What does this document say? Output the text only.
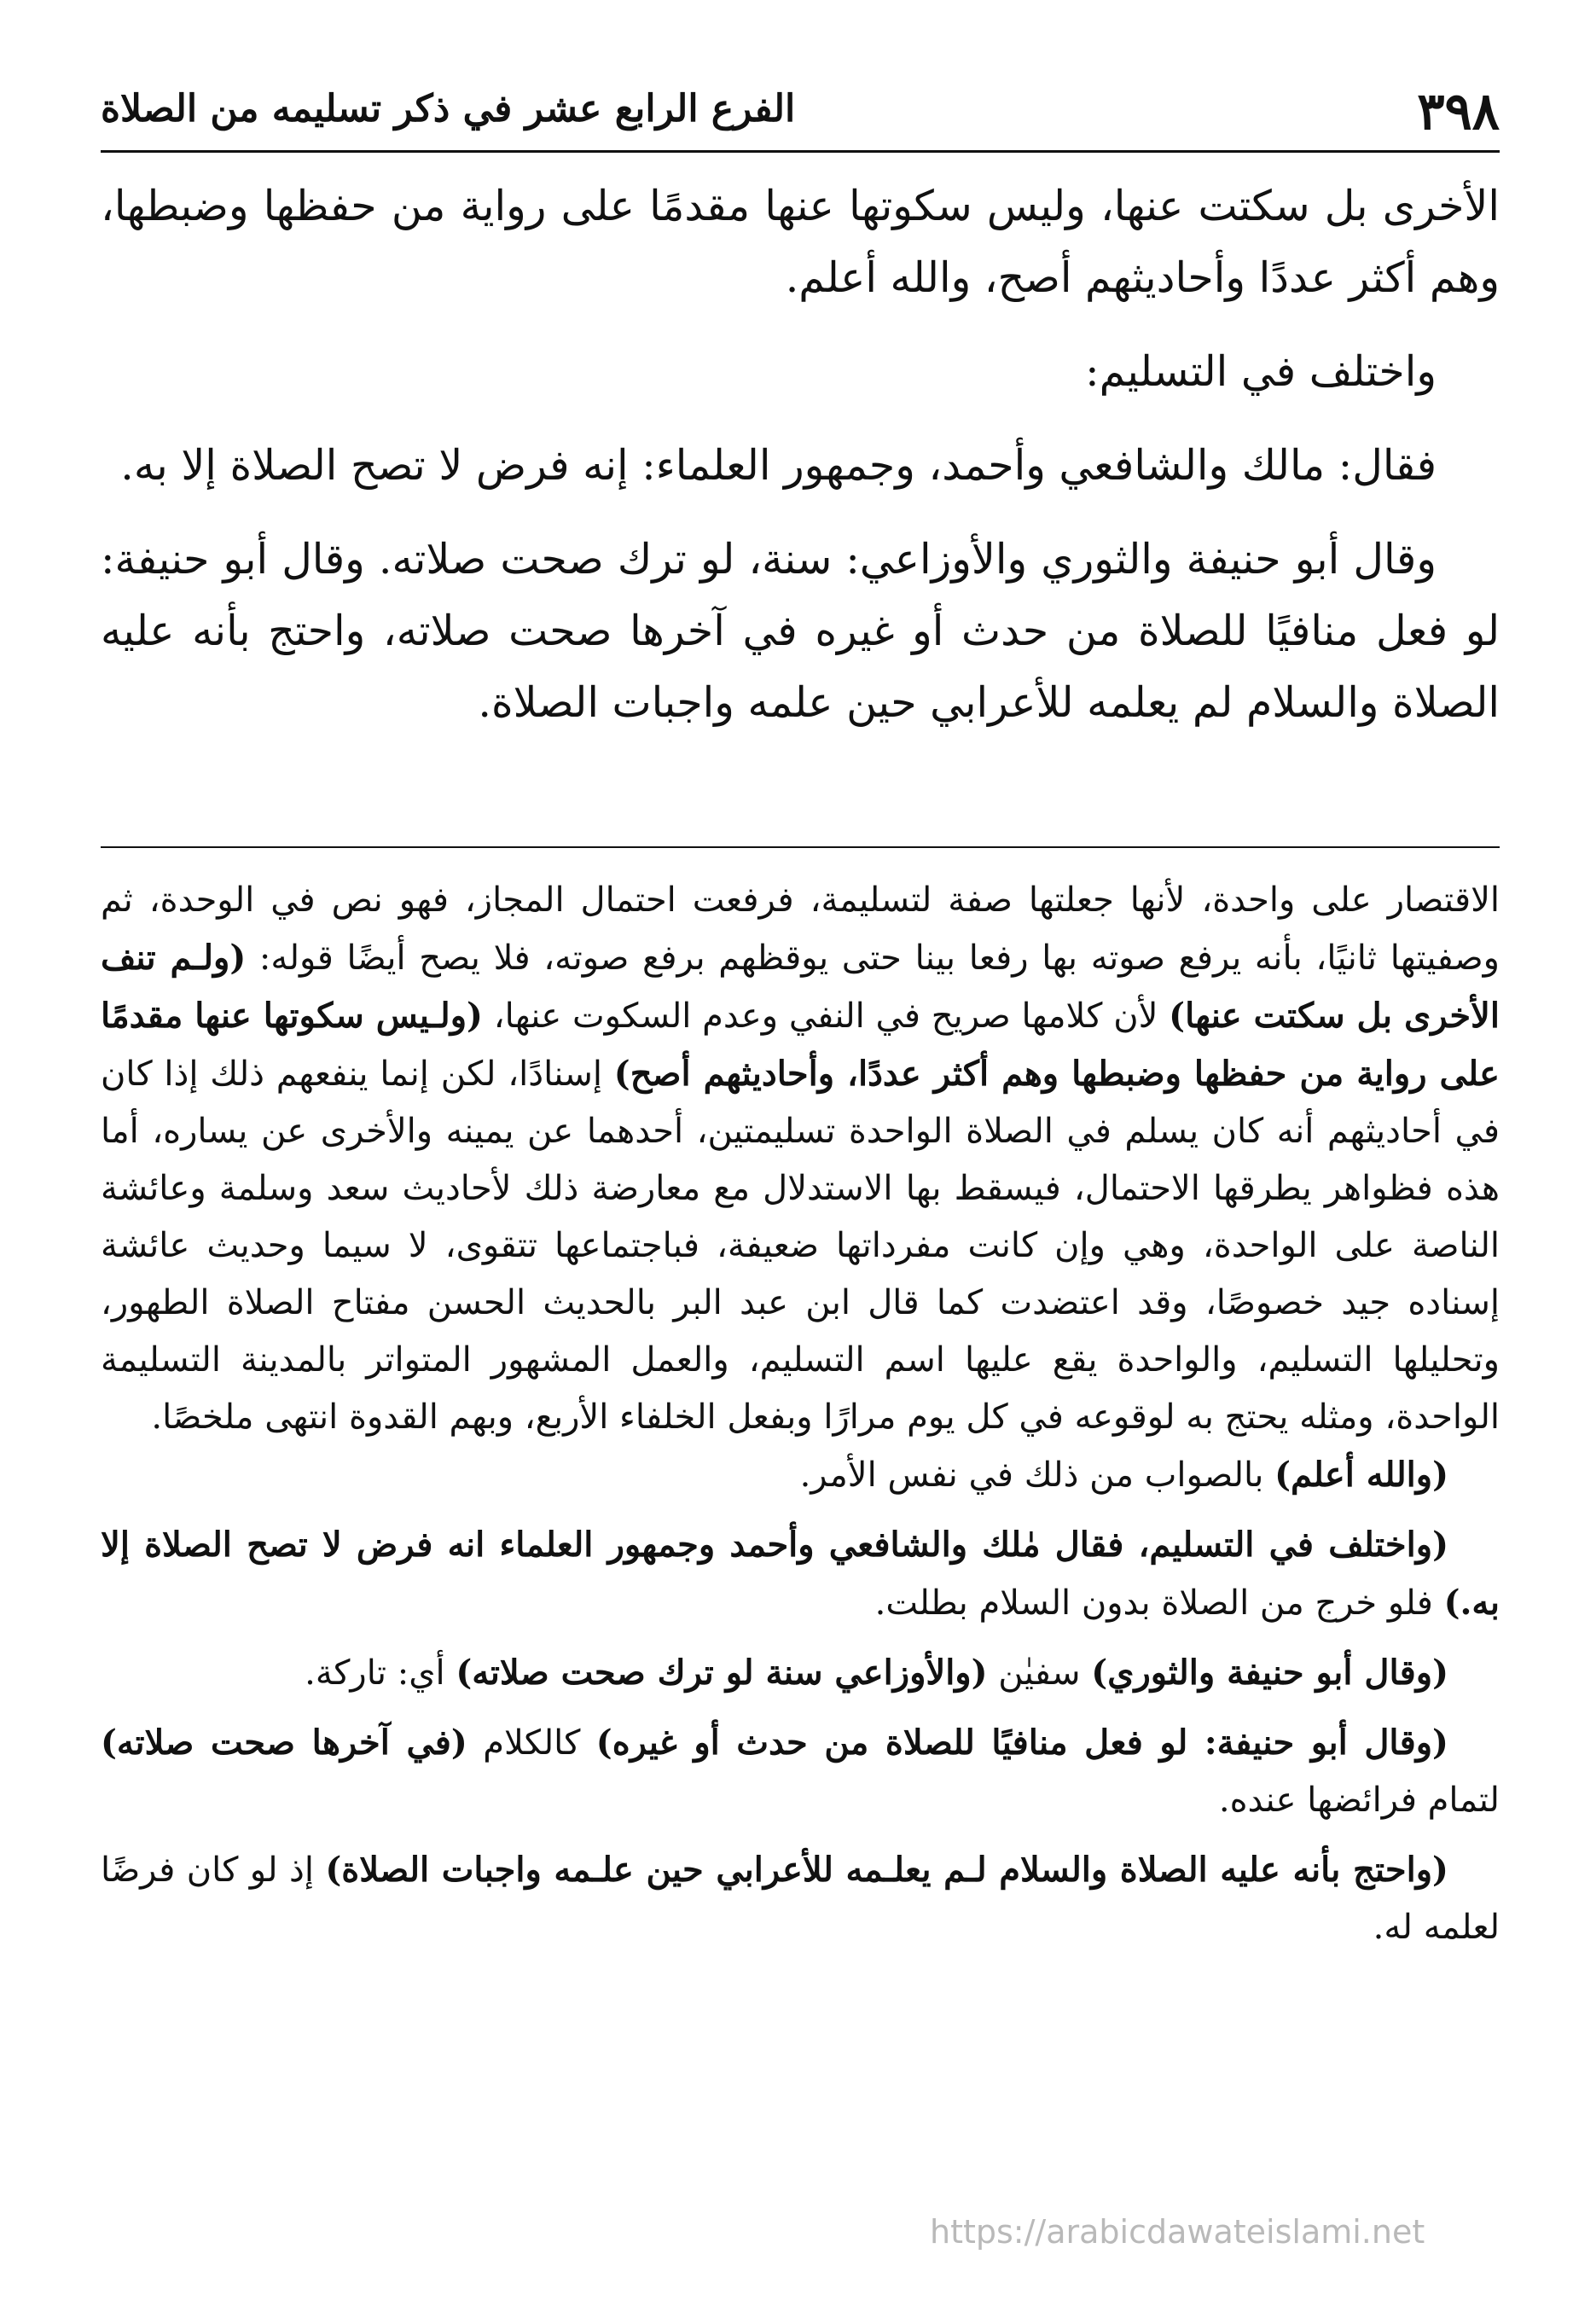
٣٩٨
الفرع الرابع عشر في ذكر تسليمه من الصلاة

الأخرى بل سكتت عنها، وليس سكوتها عنها مقدمًا على رواية من حفظها وضبطها، وهم أكثر عددًا وأحاديثهم أصح، والله أعلم.

واختلف في التسليم:

فقال: مالك والشافعي وأحمد، وجمهور العلماء: إنه فرض لا تصح الصلاة إلا به.

وقال أبو حنيفة والثوري والأوزاعي: سنة، لو ترك صحت صلاته. وقال أبو حنيفة: لو فعل منافيًا للصلاة من حدث أو غيره في آخرها صحت صلاته، واحتج بأنه عليه الصلاة والسلام لم يعلمه للأعرابي حين علمه واجبات الصلاة.

الاقتصار على واحدة، لأنها جعلتها صفة لتسليمة، فرفعت احتمال المجاز، فهو نص في الوحدة، ثم وصفيتها ثانيًا، بأنه يرفع صوته بها رفعا بينا حتى يوقظهم برفع صوته، فلا يصح أيضًا قوله: (ولـم تنف الأخرى بل سكتت عنها) لأن كلامها صريح في النفي وعدم السكوت عنها، (ولـيس سكوتها عنها مقدمًا على رواية من حفظها وضبطها وهم أكثر عددًا، وأحاديثهم أصح) إسنادًا، لكن إنما ينفعهم ذلك إذا كان في أحاديثهم أنه كان يسلم في الصلاة الواحدة تسليمتين، أحدهما عن يمينه والأخرى عن يساره، أما هذه فظواهر يطرقها الاحتمال، فيسقط بها الاستدلال مع معارضة ذلك لأحاديث سعد وسلمة وعائشة الناصة على الواحدة، وهي وإن كانت مفرداتها ضعيفة، فباجتماعها تتقوى، لا سيما وحديث عائشة إسناده جيد خصوصًا، وقد اعتضدت كما قال ابن عبد البر بالحديث الحسن مفتاح الصلاة الطهور، وتحليلها التسليم، والواحدة يقع عليها اسم التسليم، والعمل المشهور المتواتر بالمدينة التسليمة الواحدة، ومثله يحتج به لوقوعه في كل يوم مرارًا وبفعل الخلفاء الأربع، وبهم القدوة انتهى ملخصًا.

(والله أعلم) بالصواب من ذلك في نفس الأمر.

(واختلف في التسليم، فقال مٰلك والشافعي وأحمد وجمهور العلماء انه فرض لا تصح الصلاة إلا به.) فلو خرج من الصلاة بدون السلام بطلت.

(وقال أبو حنيفة والثوري) سفيٰن (والأوزاعي سنة لو ترك صحت صلاته) أي: تاركة.

(وقال أبو حنيفة: لو فعل منافيًا للصلاة من حدث أو غيره) كالكلام (في آخرها صحت صلاته) لتمام فرائضها عنده.

(واحتج بأنه عليه الصلاة والسلام لـم يعلـمه للأعرابي حين علـمه واجبات الصلاة) إذ لو كان فرضًا لعلمه له.

https://arabicdawateislami.net
